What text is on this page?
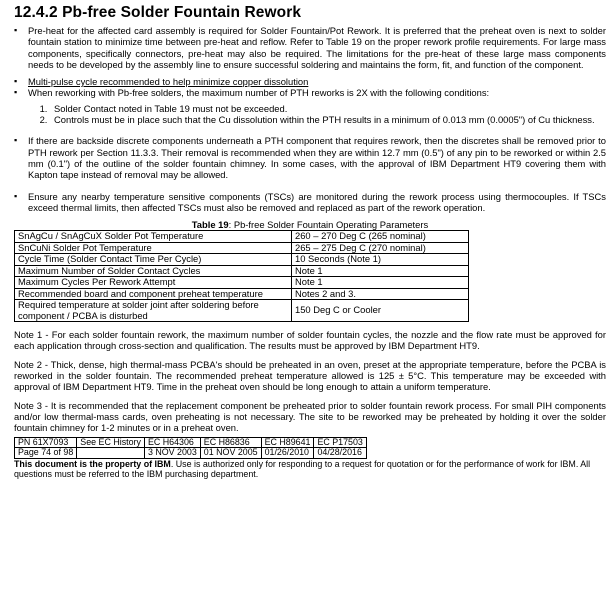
12.4.2 Pb-free Solder Fountain Rework
▪	Pre-heat for the affected card assembly is required for Solder Fountain/Pot Rework. It is preferred that the preheat oven is next to solder fountain station to minimize time between pre-heat and reflow. Refer to Table 19 on the proper rework profile requirements. For large mass components, specifically connectors, pre-heat may also be required. The limitations for the pre-heat of these large mass components needs to be developed by the assembly line to ensure successful soldering and maintains the form, fit, and function of the component.
▪	Multi-pulse cycle recommended to help minimize copper dissolution
▪	When reworking with Pb-free solders, the maximum number of PTH reworks is 2X with the following conditions:
1. Solder Contact noted in Table 19 must not be exceeded.
2. Controls must be in place such that the Cu dissolution within the PTH results in a minimum of 0.013 mm (0.0005") of Cu thickness.
▪	If there are backside discrete components underneath a PTH component that requires rework, then the discretes shall be removed prior to PTH rework per Section 11.3.3. Their removal is recommended when they are within 12.7 mm (0.5") of any pin to be reworked or within 2.5 mm (0.1") of the outline of the solder fountain chimney. In some cases, with the approval of IBM Department HT9 covering them with Kapton tape instead of removal may be allowed.
▪	Ensure any nearby temperature sensitive components (TSCs) are monitored during the rework process using thermocouples. If TSCs exceed thermal limits, then affected TSCs must also be removed and replaced as part of the rework operation.
Table 19: Pb-free Solder Fountain Operating Parameters
SnAgCu / SnAgCuX Solder Pot Temperature	260 – 270 Deg C (265 nominal)
SnCuNi Solder Pot Temperature	265 – 275 Deg C (270 nominal)
Cycle Time (Solder Contact Time Per Cycle)	10 Seconds (Note 1)
Maximum Number of Solder Contact Cycles	Note 1
Maximum Cycles Per Rework Attempt	Note 1
Recommended board and component preheat temperature	Notes 2 and 3.
Required temperature at solder joint after soldering before component / PCBA is disturbed	150 Deg C or Cooler
Note 1 - For each solder fountain rework, the maximum number of solder fountain cycles, the nozzle and the flow rate must be approved for each application through cross-section and qualification. The results must be approved by IBM Department HT9.
Note 2 - Thick, dense, high thermal-mass PCBA's should be preheated in an oven, preset at the appropriate temperature, before the PCBA is reworked in the solder fountain. The recommended preheat temperature allowed is 125 ± 5°C. This temperature may be exceeded with approval of IBM Department HT9. Time in the preheat oven should be long enough to attain a uniform temperature.
Note 3 - It is recommended that the replacement component be preheated prior to solder fountain rework process. For small PIH components and/or low thermal-mass cards, oven preheating is not necessary. The site to be reworked may be preheated by holding it over the solder fountain chimney for 1-2 minutes or in a preheat oven.
PN 61X7093	See EC History	EC H64306	EC H86836	EC H89641	EC P17503
Page 74 of 98		3 NOV 2003	01 NOV 2005	01/26/2010	04/28/2016
This document is the property of IBM. Use is authorized only for responding to a request for quotation or for the performance of work for IBM. All questions must be referred to the IBM purchasing department.
